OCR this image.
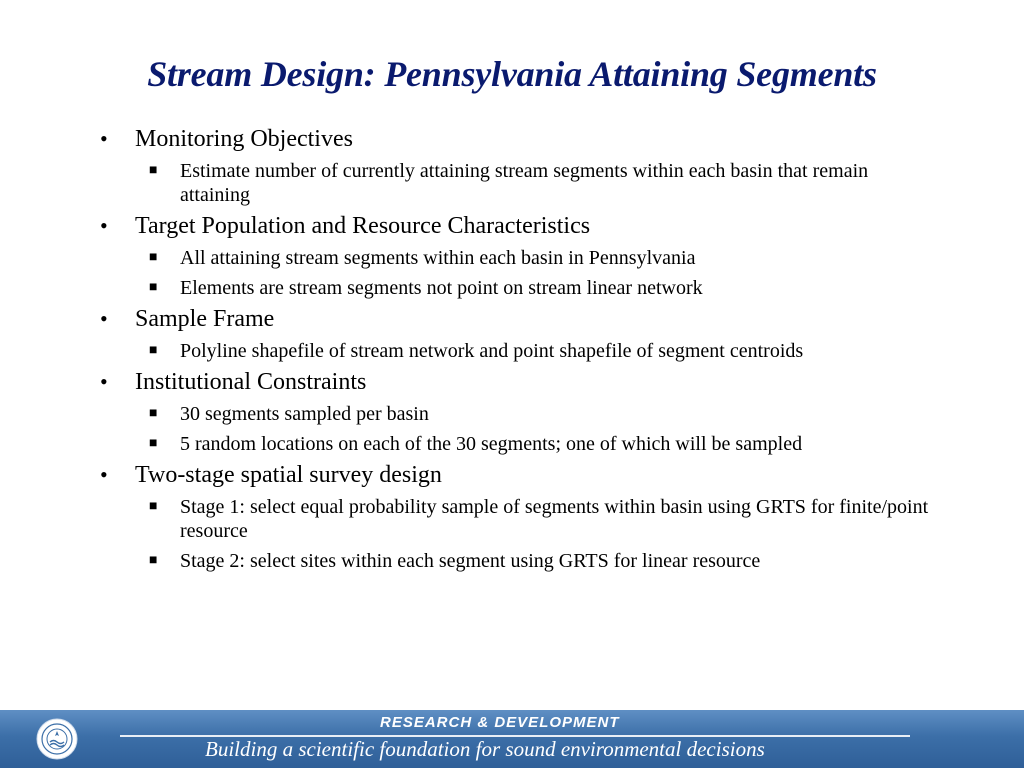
Stream Design: Pennsylvania Attaining Segments
• Monitoring Objectives
■ Estimate number of currently attaining stream segments within each basin that remain attaining
• Target Population and Resource Characteristics
■ All attaining stream segments within each basin in Pennsylvania
■ Elements are stream segments not point on stream linear network
• Sample Frame
■ Polyline shapefile of stream network and point shapefile of segment centroids
• Institutional Constraints
■ 30 segments sampled per basin
■ 5 random locations on each of the 30 segments; one of which will be sampled
• Two-stage spatial survey design
■ Stage 1: select equal probability sample of segments within basin using GRTS for finite/point resource
■ Stage 2: select sites within each segment using GRTS for linear resource
RESEARCH & DEVELOPMENT
Building a scientific foundation for sound environmental decisions
